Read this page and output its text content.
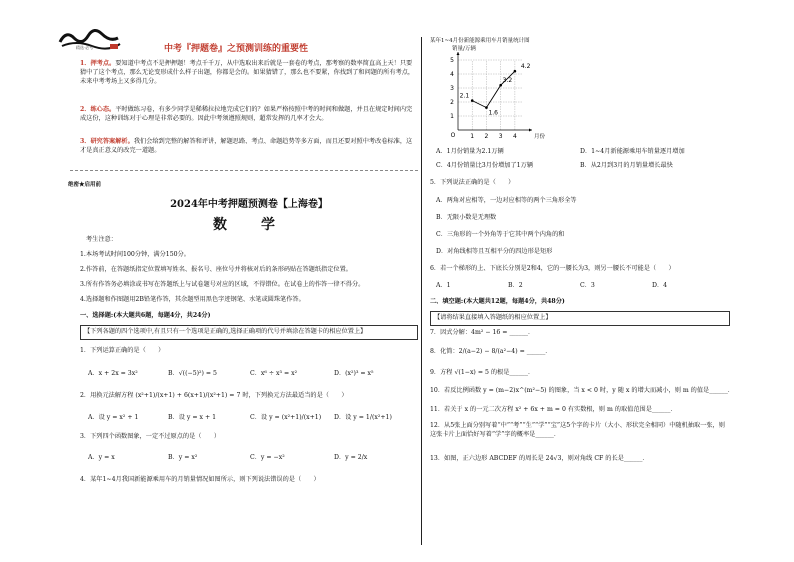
精选·必考	中考『押题卷』之预测训练的重要性
1．押考点。要知道中考点不是押押题！考点千千万，从中选取出来后就是一套卷的考点，那考察的数率简直高上天！只要猜中了这个考点，那么无论变形成什么样子出题，你都是会的。如果猜错了，那么也不要紧，你找到了和问题的所有考点，未来中考考场上又多得几分。
2．练心态。平时做练习卷，有多少同学是稀稀拉拉地完成它们的？如果严格按照中考的时间和做题，并且在规定时间内完成这份，这种训练对于心理是非常必要的。因此中考须遵照规则，超常发挥的几率才会大。
3．研究答案解析。我们会给到完整的解答和评讲，解题思路、考点、命题趋势等多方面，而且还要对照中考改卷标准，这才是真正意义的改完一道题。
绝密★启用前
2024年中考押题预测卷【上海卷】
数　学
考生注意：
1.本场考试时间100分钟，满分150分。
2.作答前，在答题纸指定位置填写姓名、报名号、座位号并将核对后的条形码贴在答题纸指定位置。
3.所有作答务必填涂或书写在答题纸上与试卷题号对应的区域，不得错位。在试卷上的作答一律不得分。
4.选择题和作图题用2B铅笔作答，其余题型用黑色字迹钢笔、水笔或圆珠笔作答。
一、选择题:(本大题共6题，每题4分，共24分)
【下列各题的四个选项中,有且只有一个选项是正确的,选择正确项的代号并填涂在答题卡的相应位置上】
1．下列运算正确的是（　　）
A．x + 2x = 3x²	B．√((−5)²) = 5	C．x⁶ ÷ x³ = x²	D．(x²)³ = x⁵
2．用换元法解方程 (x²+1)/(x+1) + 6(x+1)/(x²+1) = 7 时，下列换元方法最适当的是（　　）
A．设 y = x² + 1	B．设 y = x + 1	C．设 y = (x²+1)/(x+1) D．设 y = 1/(x²+1)
3．下列四个函数图象，一定不过原点的是（　　）
A．y = x	B．y = x²	C．y = −x²	D．y = 2/x
4．某年1~4月我国新能源乘用车的月销量情况如图所示，则下列说法错误的是（　　）
某年1~4月份新能源乘用车月销量统计图
销量/万辆
1
2
3
4
5
1 2 3 4
O	月份
2.1
1.6
3.2
4.2
A．1月份销量为2.1万辆	D．1~4月新能源乘用车销量逐月增加
C．4月份销量比3月份增加了1万辆	B．从2月到3月的月销量增长最快
5．下列说法正确的是（　　）
A．两角对应相等，一边对应相等的两个三角形全等
B．无限小数是无理数
C．三角形的一个外角等于它其中两个内角的和
D．对角线相等且互相平分的四边形是矩形
6．若一个梯形的上、下底长分别是2和4，它的一腰长为3，则另一腰长不可能是（　　）
A．1	B．2	C．3	D．4
二、填空题:(本大题共12题，每题4分，共48分)
【请将结果直接填入答题纸的相应位置上】
7．因式分解：4m² − 16 = ______．
8．化简：2/(a−2) − 8/(a²−4) = ______．
9．方程 √(1−x) = 5 的根是______．
10．若反比例函数 y = (m−2)x^(m²−5) 的图象，当 x < 0 时，y 随 x 的增大而减小，则 m 的值是______．
11．若关于 x 的一元二次方程 x² + 6x + m = 0 有实数根，则 m 的取值范围是______．
12．从5张上面分别写着“中”“考”“生”“学”“宝”这5个字的卡片（大小、形状完全相同）中随机抽取一张，则这张卡片上面恰好写着“学”字的概率是______．
13．如图，正六边形 ABCDEF 的周长是 24√3，则对角线 CF 的长是______．
